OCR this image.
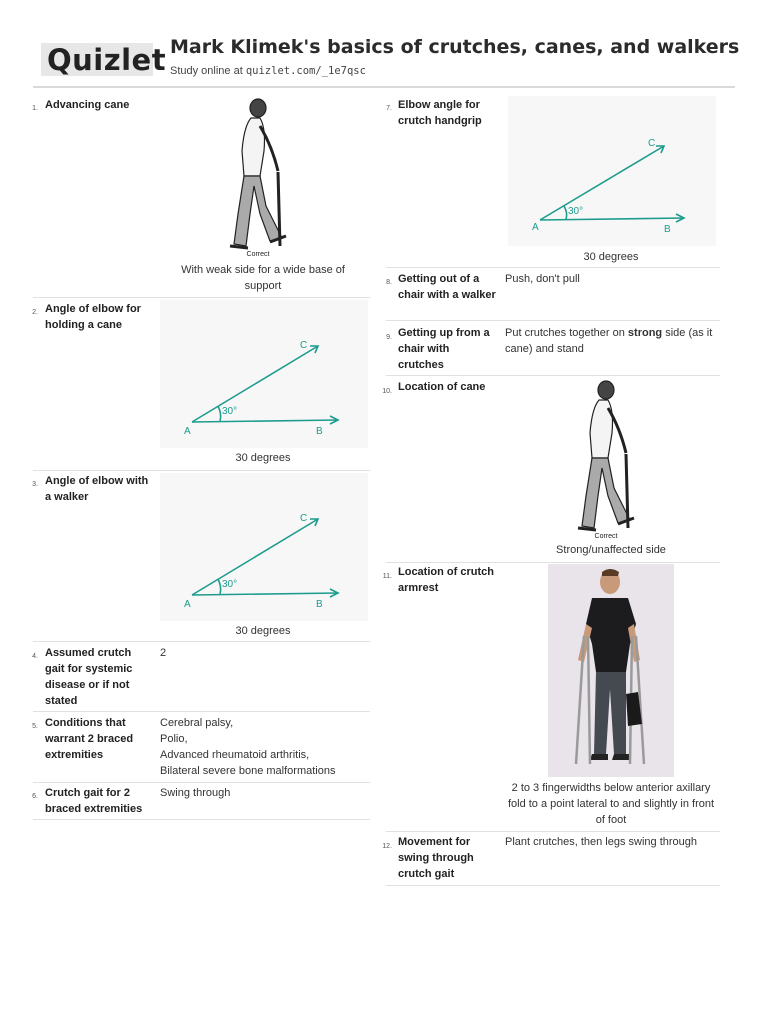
Quizlet Mark Klimek's basics of crutches, canes, and walkers
Study online at quizlet.com/_1e7qsc
1. Advancing cane
Correct
With weak side for a wide base of support
2. Angle of elbow for holding a cane
A	B
C
30°
30 degrees
3. Angle of elbow with a walker
A	B
C
30°
30 degrees
4. Assumed crutch gait for systemic disease or if not stated
2
5. Conditions that warrant 2 braced extremities
Cerebral palsy,
Polio,
Advanced rheumatoid arthritis,
Bilateral severe bone malformations
6. Crutch gait for 2 braced extremities
Swing through
7. Elbow angle for crutch handgrip
A	B
C
30°
30 degrees
8. Getting out of a chair with a walker
Push, don't pull
9. Getting up from a chair with crutches
Put crutches together on strong side (as it cane) and stand
10. Location of cane
Correct
Strong/unaffected side
11. Location of crutch armrest
2 to 3 fingerwidths below anterior axillary fold to a point lateral to and slightly in front of foot
12. Movement for swing through crutch gait
Plant crutches, then legs swing through
